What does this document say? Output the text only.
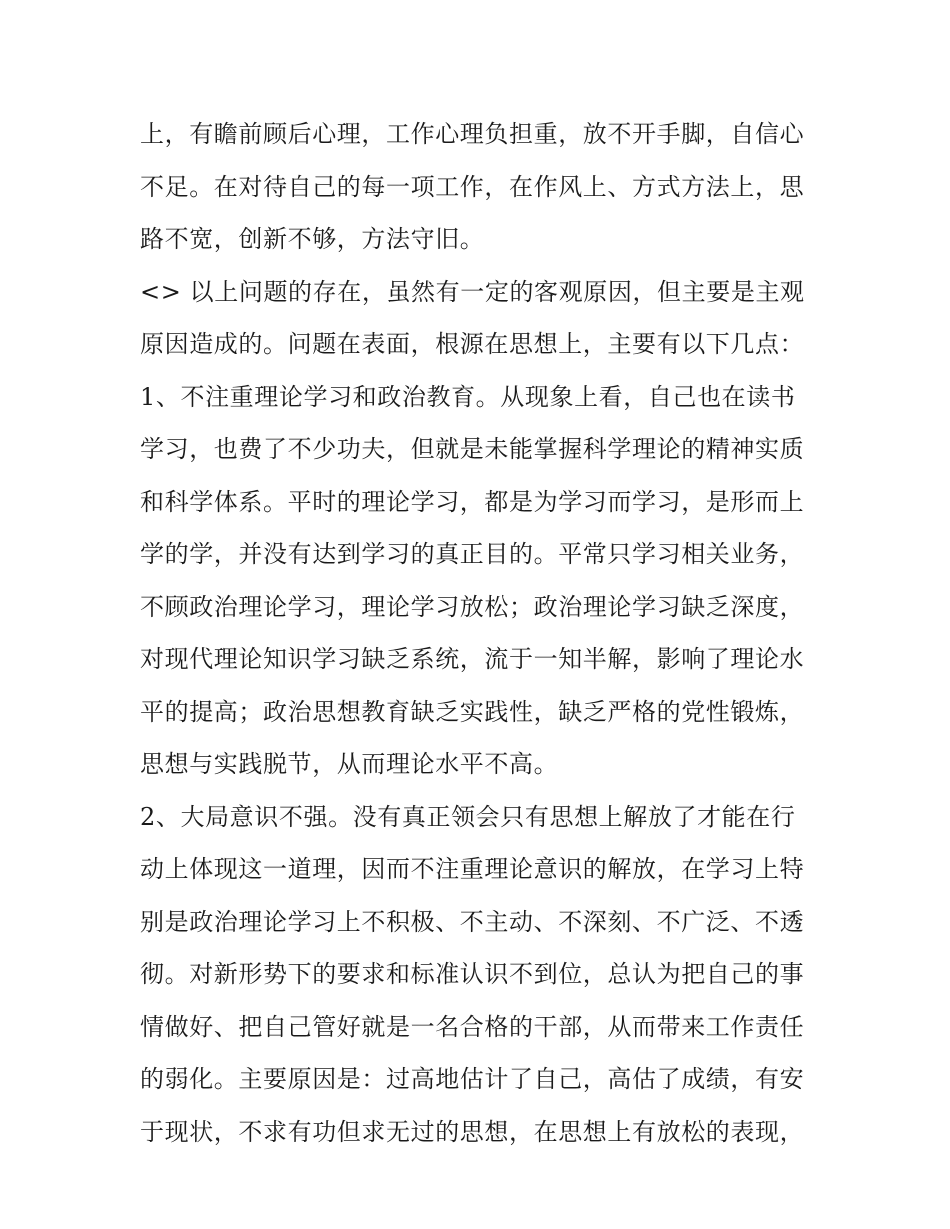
上，有瞻前顾后心理，工作心理负担重，放不开手脚，自信心
不足。在对待自己的每一项工作，在作风上、方式方法上，思
路不宽，创新不够，方法守旧。
<> 以上问题的存在，虽然有一定的客观原因，但主要是主观
原因造成的。问题在表面，根源在思想上，主要有以下几点：
1、不注重理论学习和政治教育。从现象上看，自己也在读书
学习，也费了不少功夫，但就是未能掌握科学理论的精神实质
和科学体系。平时的理论学习，都是为学习而学习，是形而上
学的学，并没有达到学习的真正目的。平常只学习相关业务，
不顾政治理论学习，理论学习放松；政治理论学习缺乏深度，
对现代理论知识学习缺乏系统，流于一知半解，影响了理论水
平的提高；政治思想教育缺乏实践性，缺乏严格的党性锻炼，
思想与实践脱节，从而理论水平不高。
2、大局意识不强。没有真正领会只有思想上解放了才能在行
动上体现这一道理，因而不注重理论意识的解放，在学习上特
别是政治理论学习上不积极、不主动、不深刻、不广泛、不透
彻。对新形势下的要求和标准认识不到位，总认为把自己的事
情做好、把自己管好就是一名合格的干部，从而带来工作责任
的弱化。主要原因是：过高地估计了自己，高估了成绩，有安
于现状，不求有功但求无过的思想，在思想上有放松的表现，
